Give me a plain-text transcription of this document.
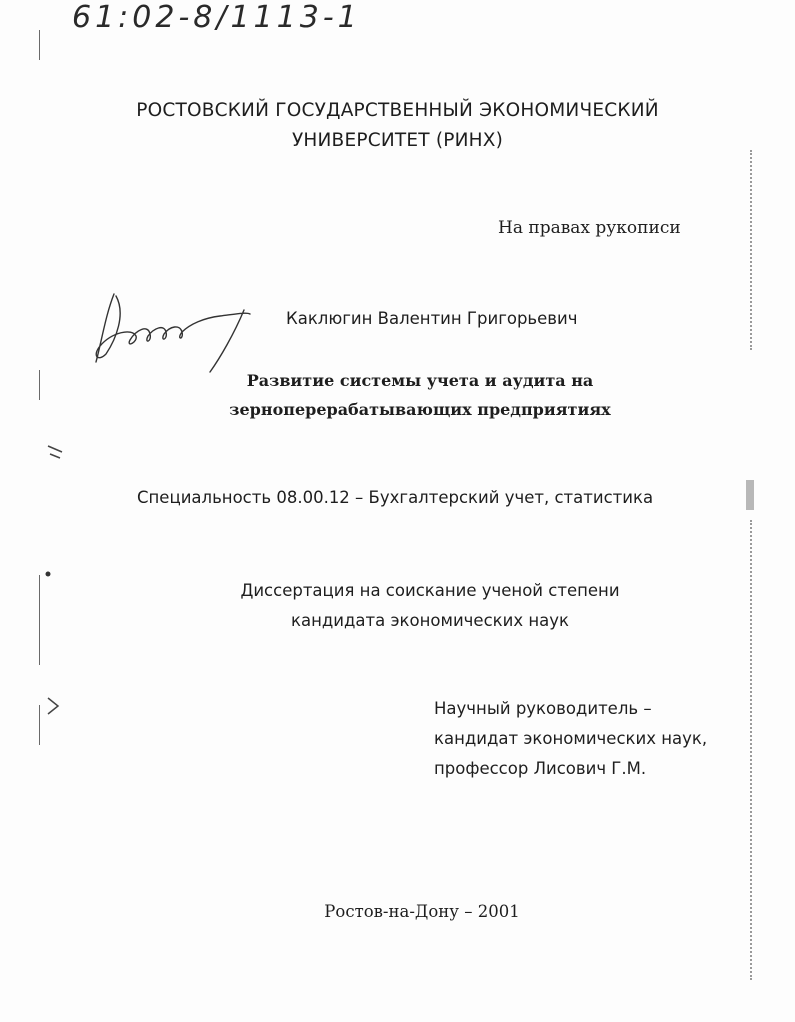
61:02-8/1113-1
РОСТОВСКИЙ ГОСУДАРСТВЕННЫЙ ЭКОНОМИЧЕСКИЙ
УНИВЕРСИТЕТ (РИНХ)
На правах рукописи
Каклюгин Валентин Григорьевич
Развитие системы учета и аудита на
зерноперерабатывающих предприятиях
Специальность 08.00.12 – Бухгалтерский учет, статистика
Диссертация на соискание ученой степени
кандидата экономических наук
Научный руководитель –
кандидат экономических наук,
профессор Лисович Г.М.
Ростов-на-Дону – 2001
